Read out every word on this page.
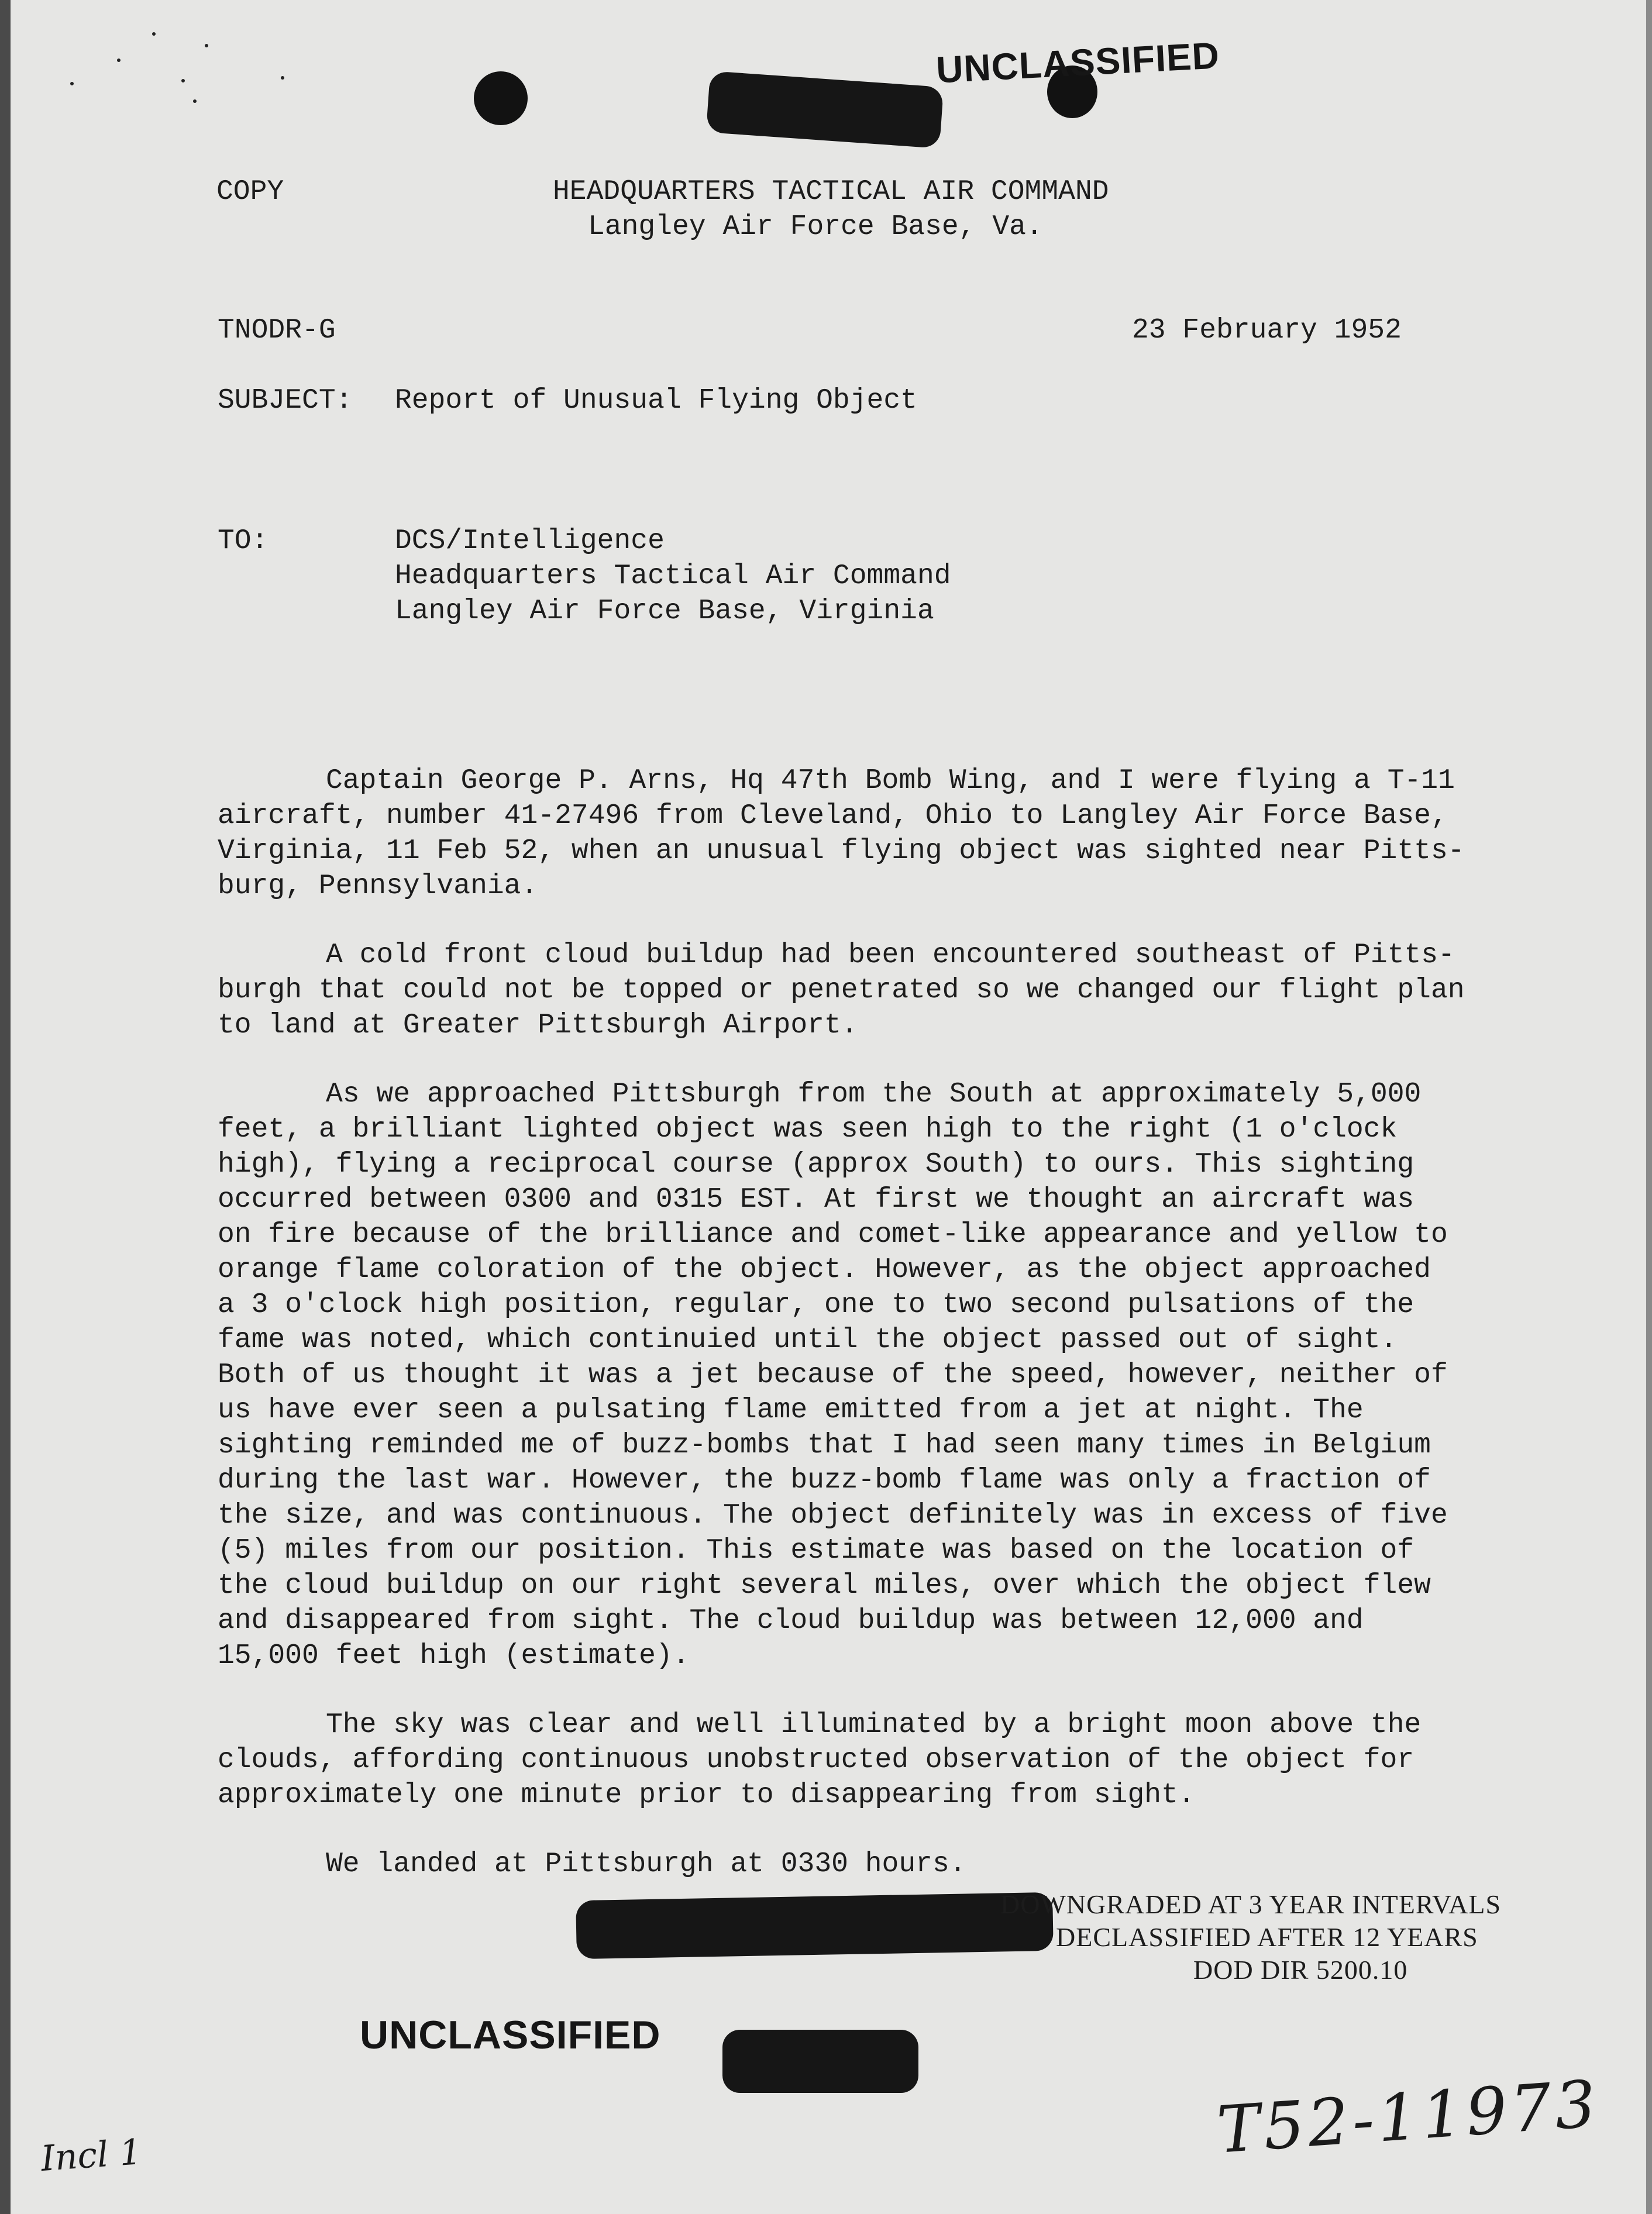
UNCLASSIFIED
UNCLASSIFIED
COPY	HEADQUARTERS TACTICAL AIR COMMAND
Langley Air Force Base, Va.
TNODR-G	23 February 1952
SUBJECT: Report of Unusual Flying Object
TO:	DCS/Intelligence
Headquarters Tactical Air Command
Langley Air Force Base, Virginia

Captain George P. Arns, Hq 47th Bomb Wing, and I were flying a T-11
aircraft, number 41-27496 from Cleveland, Ohio to Langley Air Force Base,
Virginia, 11 Feb 52, when an unusual flying object was sighted near Pitts-
burg, Pennsylvania.

A cold front cloud buildup had been encountered southeast of Pitts-
burgh that could not be topped or penetrated so we changed our flight plan
to land at Greater Pittsburgh Airport.

As we approached Pittsburgh from the South at approximately 5,000
feet, a brilliant lighted object was seen high to the right (1 o'clock
high), flying a reciprocal course (approx South) to ours. This sighting
occurred between 0300 and 0315 EST. At first we thought an aircraft was
on fire because of the brilliance and comet-like appearance and yellow to
orange flame coloration of the object. However, as the object approached
a 3 o'clock high position, regular, one to two second pulsations of the
fame was noted, which continuied until the object passed out of sight.
Both of us thought it was a jet because of the speed, however, neither of
us have ever seen a pulsating flame emitted from a jet at night. The
sighting reminded me of buzz-bombs that I had seen many times in Belgium
during the last war. However, the buzz-bomb flame was only a fraction of
the size, and was continuous. The object definitely was in excess of five
(5) miles from our position. This estimate was based on the location of
the cloud buildup on our right several miles, over which the object flew
and disappeared from sight. The cloud buildup was between 12,000 and
15,000 feet high (estimate).

The sky was clear and well illuminated by a bright moon above the
clouds, affording continuous unobstructed observation of the object for
approximately one minute prior to disappearing from sight.

We landed at Pittsburgh at 0330 hours.

DOWNGRADED AT 3 YEAR INTERVALS
DECLASSIFIED AFTER 12 YEARS
DOD DIR 5200.10
Incl 1	T52-11973
